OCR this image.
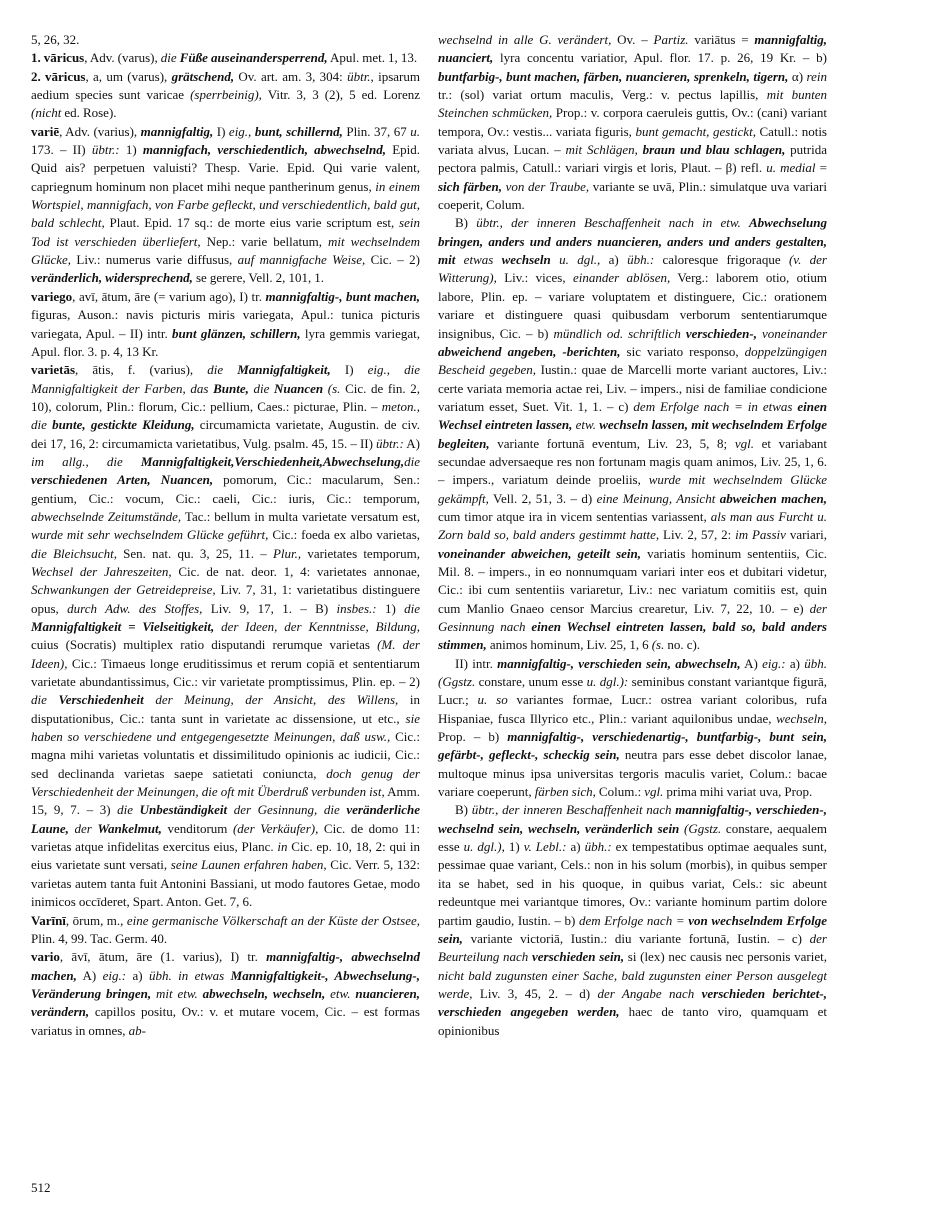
5, 26, 32.

1. vāricus, Adv. (varus), die Füße auseinandersperrend, Apul. met. 1, 13.

2. vāricus, a, um (varus), grätschend, Ov. art. am. 3, 304: übtr., ipsarum aedium species sunt varicae (sperrbeinig), Vitr. 3, 3 (2), 5 ed. Lorenz (nicht ed. Rose).

variē, Adv. (varius), mannigfaltig, I) eig., bunt, schillernd, Plin. 37, 67 u. 173. – II) übtr.: 1) mannigfach, verschiedentlich, abwechselnd, Epid. Quid ais? perpetuen valuisti? Thesp. Varie. Epid. Qui varie valent, capriegnum hominum non placet mihi neque pantherinum genus, in einem Wortspiel, mannigfach, von Farbe gefleckt, und verschiedentlich, bald gut, bald schlecht, Plaut. Epid. 17 sq.: de morte eius varie scriptum est, sein Tod ist verschieden überliefert, Nep.: varie bellatum, mit wechselndem Glücke, Liv.: numerus varie diffusus, auf mannigfache Weise, Cic. – 2) veränderlich, widersprechend, se gerere, Vell. 2, 101, 1.

variego, avī, ātum, āre (= varium ago), I) tr. mannigfaltig-, bunt machen, figuras, Auson.: navis picturis miris variegata, Apul.: tunica picturis variegata, Apul. – II) intr. bunt glänzen, schillern, lyra gemmis variegat, Apul. flor. 3. p. 4, 13 Kr.

varietās, ātis, f. (varius), die Mannigfaltigkeit, I) eig., die Mannigfaltigkeit der Farben, das Bunte, die Nuancen (s. Cic. de fin. 2, 10), colorum, Plin.: florum, Cic.: pellium, Caes.: picturae, Plin. – meton., die bunte, gestickte Kleidung, circumamicta varietate, Augustin. de civ. dei 17, 16, 2: circumamicta varietatibus, Vulg. psalm. 45, 15. – II) übtr.: A) im allg., die Mannigfaltigkeit,Verschiedenheit,Abwechselung,die verschiedenen Arten, Nuancen, pomorum, Cic.: macularum, Sen.: gentium, Cic.: vocum, Cic.: caeli, Cic.: iuris, Cic.: temporum, abwechselnde Zeitumstände, Tac.: bellum in multa varietate versatum est, wurde mit sehr wechselndem Glücke geführt, Cic.: foeda ex albo varietas, die Bleichsucht, Sen. nat. qu. 3, 25, 11. – Plur., varietates temporum, Wechsel der Jahreszeiten, Cic. de nat. deor. 1, 4: varietates annonae, Schwankungen der Getreidepreise, Liv. 7, 31, 1: varietatibus distinguere opus, durch Adw. des Stoffes, Liv. 9, 17, 1. – B) insbes.: 1) die Mannigfaltigkeit = Vielseitigkeit, der Ideen, der Kenntnisse, Bildung, cuius (Socratis) multiplex ratio disputandi rerumque varietas (M. der Ideen), Cic.: Timaeus longe eruditissimus et rerum copiā et sententiarum varietate abundantissimus, Cic.: vir varietate promptissimus, Plin. ep. – 2) die Verschiedenheit der Meinung, der Ansicht, des Willens, in disputationibus, Cic.: tanta sunt in varietate ac dissensione, ut etc., sie haben so verschiedene und entgegengesetzte Meinungen, daß usw., Cic.: magna mihi varietas voluntatis et dissimilitudo opinionis ac iudicii, Cic.: sed declinanda varietas saepe satietati coniuncta, doch genug der Verschiedenheit der Meinungen, die oft mit Überdruß verbunden ist, Amm. 15, 9, 7. – 3) die Unbeständigkeit der Gesinnung, die veränderliche Laune, der Wankelmut, venditorum (der Verkäufer), Cic. de domo 11: varietas atque infidelitas exercitus eius, Planc. in Cic. ep. 10, 18, 2: qui in eius varietate sunt versati, seine Launen erfahren haben, Cic. Verr. 5, 132: varietas autem tanta fuit Antonini Bassiani, ut modo fautores Getae, modo inimicos occīderet, Spart. Anton. Get. 7, 6.

Varīnī, ōrum, m., eine germanische Völkerschaft an der Küste der Ostsee, Plin. 4, 99. Tac. Germ. 40.

vario, āvī, ātum, āre (1. varius), I) tr. mannigfaltig-, abwechselnd machen, A) eig.: a) übh. in etwas Mannigfaltigkeit-, Abwechselung-, Veränderung bringen, mit etw. abwechseln, wechseln, etw. nuancieren, verändern, capillos positu, Ov.: v. et mutare vocem, Cic. – est formas variatus in omnes, ab-

wechselnd in alle G. verändert, Ov. – Partiz. variātus = mannigfaltig, nuanciert, lyra concentu variatior, Apul. flor. 17. p. 26, 19 Kr. – b) buntfarbig-, bunt machen, färben, nuancieren, sprenkeln, tigern, α) rein tr.: (sol) variat ortum maculis, Verg.: v. pectus lapillis, mit bunten Steinchen schmücken, Prop.: v. corpora caeruleis guttis, Ov.: (cani) variant tempora, Ov.: vestis... variata figuris, bunt gemacht, gestickt, Catull.: notis variata alvus, Lucan. – mit Schlägen, braun und blau schlagen, putrida pectora palmis, Catull.: variari virgis et loris, Plaut. – β) refl. u. medial = sich färben, von der Traube, variante se uvā, Plin.: simulatque uva variari coeperit, Colum.

B) übtr., der inneren Beschaffenheit nach in etw. Abwechselung bringen, anders und anders nuancieren, anders und anders gestalten, mit etwas wechseln u. dgl., a) übh.: caloresque frigoraque (v. der Witterung), Liv.: vices, einander ablösen, Verg.: laborem otio, otium labore, Plin. ep. – variare voluptatem et distinguere, Cic.: orationem variare et distinguere quasi quibusdam verborum sententiarumque insignibus, Cic. – b) mündlich od. schriftlich verschieden-, voneinander abweichend angeben, -berichten, sic variato responso, doppelzüngigen Bescheid gegeben, Iustin.: quae de Marcelli morte variant auctores, Liv.: certe variata memoria actae rei, Liv. – impers., nisi de familiae condicione variatum esset, Suet. Vit. 1, 1. – c) dem Erfolge nach = in etwas einen Wechsel eintreten lassen, etw. wechseln lassen, mit wechselndem Erfolge begleiten, variante fortunā eventum, Liv. 23, 5, 8; vgl. et variabant secundae adversaeque res non fortunam magis quam animos, Liv. 25, 1, 6. – impers., variatum deinde proeliis, wurde mit wechselndem Glücke gekämpft, Vell. 2, 51, 3. – d) eine Meinung, Ansicht abweichen machen, cum timor atque ira in vicem sententias variassent, als man aus Furcht u. Zorn bald so, bald anders gestimmt hatte, Liv. 2, 57, 2: im Passiv variari, voneinander abweichen, geteilt sein, variatis hominum sententiis, Cic. Mil. 8. – impers., in eo nonnumquam variari inter eos et dubitari videtur, Cic.: ibi cum sententiis variaretur, Liv.: nec variatum comitiis est, quin cum Manlio Gnaeo censor Marcius crearetur, Liv. 7, 22, 10. – e) der Gesinnung nach einen Wechsel eintreten lassen, bald so, bald anders stimmen, animos hominum, Liv. 25, 1, 6 (s. no. c).

II) intr. mannigfaltig-, verschieden sein, abwechseln, A) eig.: a) übh. (Ggstz. constare, unum esse u. dgl.): seminibus constant variantque figurā, Lucr.; u. so variantes formae, Lucr.: ostrea variant coloribus, rufa Hispaniae, fusca Illyrico etc., Plin.: variant aquilonibus undae, wechseln, Prop. – b) mannigfaltig-, verschiedenartig-, buntfarbig-, bunt sein, gefärbt-, gefleckt-, scheckig sein, neutra pars esse debet discolor lanae, multoque minus ipsa universitas tergoris maculis variet, Colum.: bacae variare coeperunt, färben sich, Colum.: vgl. prima mihi variat uva, Prop.

B) übtr., der inneren Beschaffenheit nach mannigfaltig-, verschieden-, wechselnd sein, wechseln, veränderlich sein (Ggstz. constare, aequalem esse u. dgl.), 1) v. Lebl.: a) übh.: ex tempestatibus optimae aequales sunt, pessimae quae variant, Cels.: non in his solum (morbis), in quibus semper ita se habet, sed in his quoque, in quibus variat, Cels.: sic abeunt redeuntque mei variantque timores, Ov.: variante hominum partim dolore partim gaudio, Iustin. – b) dem Erfolge nach = von wechselndem Erfolge sein, variante victoriā, Iustin.: diu variante fortunā, Iustin. – c) der Beurteilung nach verschieden sein, si (lex) nec causis nec personis variet, nicht bald zugunsten einer Sache, bald zugunsten einer Person ausgelegt werde, Liv. 3, 45, 2. – d) der Angabe nach verschieden berichtet-, verschieden angegeben werden, haec de tanto viro, quamquam et opinionibus

512
